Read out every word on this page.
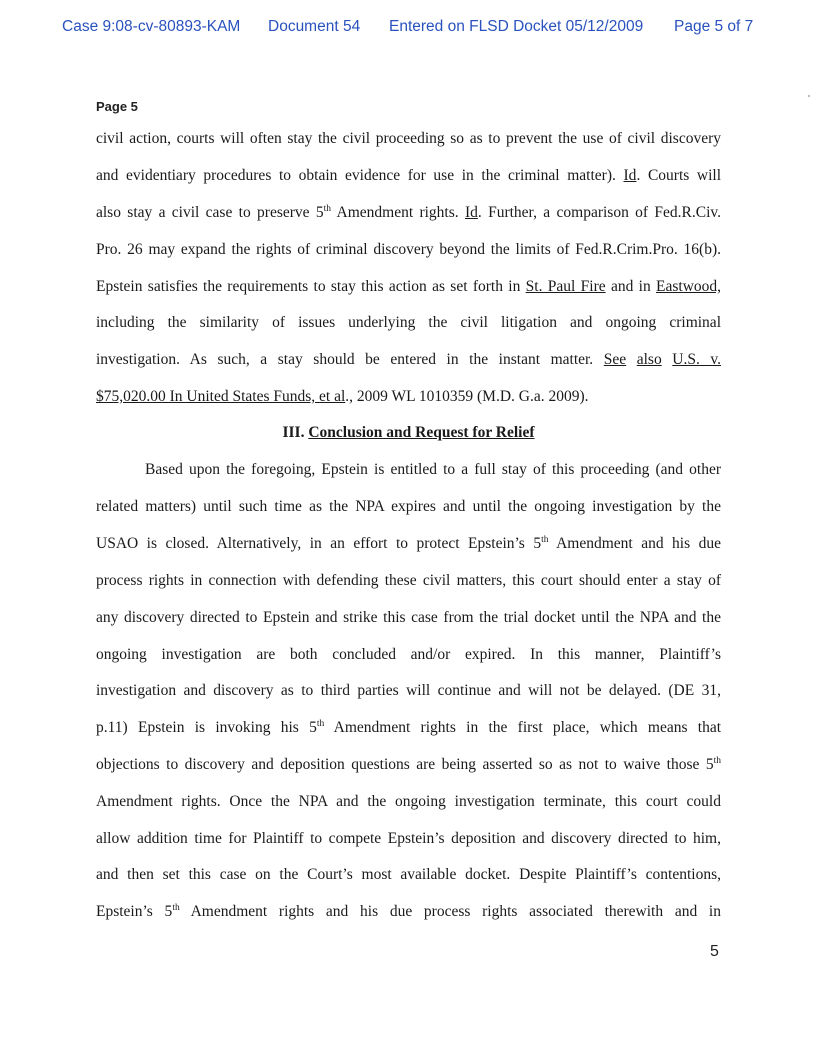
Case 9:08-cv-80893-KAM Document 54 Entered on FLSD Docket 05/12/2009 Page 5 of 7
Page 5
civil action, courts will often stay the civil proceeding so as to prevent the use of civil discovery
and evidentiary procedures to obtain evidence for use in the criminal matter). Id. Courts will
also stay a civil case to preserve 5th Amendment rights. Id. Further, a comparison of Fed.R.Civ.
Pro. 26 may expand the rights of criminal discovery beyond the limits of Fed.R.Crim.Pro. 16(b).
Epstein satisfies the requirements to stay this action as set forth in St. Paul Fire and in Eastwood,
including the similarity of issues underlying the civil litigation and ongoing criminal
investigation. As such, a stay should be entered in the instant matter. See also U.S. v.
$75,020.00 In United States Funds, et al., 2009 WL 1010359 (M.D. G.a. 2009).
III. Conclusion and Request for Relief
Based upon the foregoing, Epstein is entitled to a full stay of this proceeding (and other
related matters) until such time as the NPA expires and until the ongoing investigation by the
USAO is closed. Alternatively, in an effort to protect Epstein’s 5th Amendment and his due
process rights in connection with defending these civil matters, this court should enter a stay of
any discovery directed to Epstein and strike this case from the trial docket until the NPA and the
ongoing investigation are both concluded and/or expired. In this manner, Plaintiff’s
investigation and discovery as to third parties will continue and will not be delayed. (DE 31,
p.11) Epstein is invoking his 5th Amendment rights in the first place, which means that
objections to discovery and deposition questions are being asserted so as not to waive those 5th
Amendment rights. Once the NPA and the ongoing investigation terminate, this court could
allow addition time for Plaintiff to compete Epstein’s deposition and discovery directed to him,
and then set this case on the Court’s most available docket. Despite Plaintiff’s contentions,
Epstein’s 5th Amendment rights and his due process rights associated therewith and in
5
